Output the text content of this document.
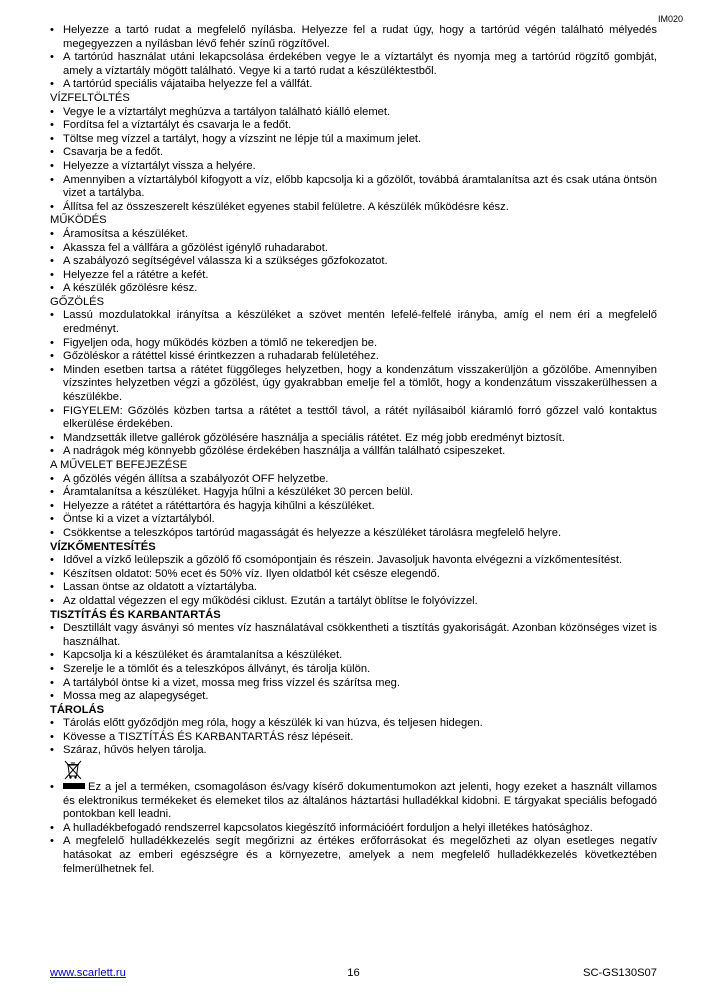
IM020
• Helyezze a tartó rudat a megfelelő nyílásba. Helyezze fel a rudat úgy, hogy a tartórúd végén található mélyedés megegyezzen a nyílásban lévő fehér színű rögzítővel.
• A tartórúd használat utáni lekapcsolása érdekében vegye le a víztartályt és nyomja meg a tartórúd rögzítő gombját, amely a víztartály mögött található. Vegye ki a tartó rudat a készüléktestből.
• A tartórúd speciális vájataiba helyezze fel a vállfát.
VÍZFELTÖLTÉS
• Vegye le a víztartályt meghúzva a tartályon található kiálló elemet.
• Fordítsa fel a víztartályt és csavarja le a fedőt.
• Töltse meg vízzel a tartályt, hogy a vízszint ne lépje túl a maximum jelet.
• Csavarja be a fedőt.
• Helyezze a víztartályt vissza a helyére.
• Amennyiben a víztartályból kifogyott a víz, előbb kapcsolja ki a gőzölőt, továbbá áramtalanítsa azt és csak utána öntsön vizet a tartályba.
• Állítsa fel az összeszerelt készüléket egyenes stabil felületre. A készülék működésre kész.
MŰKÖDÉS
• Áramosítsa a készüléket.
• Akassza fel a vállfára a gőzölést igénylő ruhadarabot.
• A szabályozó segítségével válassza ki a szükséges gőzfokozatot.
• Helyezze fel a rátétre a kefét.
• A készülék gőzölésre kész.
GŐZÖLÉS
• Lassú mozdulatokkal irányítsa a készüléket a szövet mentén lefelé-felfelé irányba, amíg el nem éri a megfelelő eredményt.
• Figyeljen oda, hogy működés közben a tömlő ne tekeredjen be.
• Gőzöléskor a rátéttel kissé érintkezzen a ruhadarab felületéhez.
• Minden esetben tartsa a rátétet függőleges helyzetben, hogy a kondenzátum visszakerüljön a gőzölőbe. Amennyiben vízszintes helyzetben végzi a gőzölést, úgy gyakrabban emelje fel a tömlőt, hogy a kondenzátum visszakerülhessen a készülékbe.
• FIGYELEM: Gőzölés közben tartsa a rátétet a testtől távol, a rátét nyílásaiból kiáramló forró gőzzel való kontaktus elkerülése érdekében.
• Mandzsetták illetve gallérok gőzölésére használja a speciális rátétet. Ez még jobb eredményt biztosít.
• A nadrágok még könnyebb gőzölése érdekében használja a vállfán található csipeszeket.
A MŰVELET BEFEJEZÉSE
• A gőzölés végén állítsa a szabályozót OFF helyzetbe.
• Áramtalanítsa a készüléket. Hagyja hűlni a készüléket 30 percen belül.
• Helyezze a rátétet a rátéttartóra és hagyja kihűlni a készüléket.
• Öntse ki a vizet a víztartályból.
• Csökkentse a teleszkópos tartórúd magasságát és helyezze a készüléket tárolásra megfelelő helyre.
VÍZKŐMENTESÍTÉS
• Idővel a vízkő leülepszik a gőzölő fő csomópontjain és részein. Javasoljuk havonta elvégezni a vízkőmentesítést.
• Készítsen oldatot: 50% ecet és 50% víz. Ilyen oldatból két csésze elegendő.
• Lassan öntse az oldatott a víztartályba.
• Az oldattal végezzen el egy működési ciklust. Ezután a tartályt öblítse le folyóvízzel.
TISZTÍTÁS ÉS KARBANTARTÁS
• Desztillált vagy ásványi só mentes víz használatával csökkentheti a tisztítás gyakoriságát. Azonban közönséges vizet is használhat.
• Kapcsolja ki a készüléket és áramtalanítsa a készüléket.
• Szerelje le a tömlőt és a teleszkópos állványt, és tárolja külön.
• A tartályból öntse ki a vizet, mossa meg friss vízzel és szárítsa meg.
• Mossa meg az alapegységet.
TÁROLÁS
• Tárolás előtt győződjön meg róla, hogy a készülék ki van húzva, és teljesen hidegen.
• Kövesse a TISZTÍTÁS ÉS KARBANTARTÁS rész lépéseit.
• Száraz, hűvös helyen tárolja.
• Ez a jel a terméken, csomagoláson és/vagy kísérő dokumentumokon azt jelenti, hogy ezeket a használt villamos és elektronikus termékeket és elemeket tilos az általános háztartási hulladékkal kidobni. E tárgyakat speciális befogadó pontokban kell leadni.
• A hulladékbefogadó rendszerrel kapcsolatos kiegészítő információért forduljon a helyi illetékes hatósághoz.
• A megfelelő hulladékkezelés segít megőrizni az értékes erőforrásokat és megelőzheti az olyan esetleges negatív hatásokat az emberi egészségre és a környezetre, amelyek a nem megfelelő hulladékkezelés következtében felmerülhetnek fel.
www.scarlett.ru	16	SC-GS130S07
